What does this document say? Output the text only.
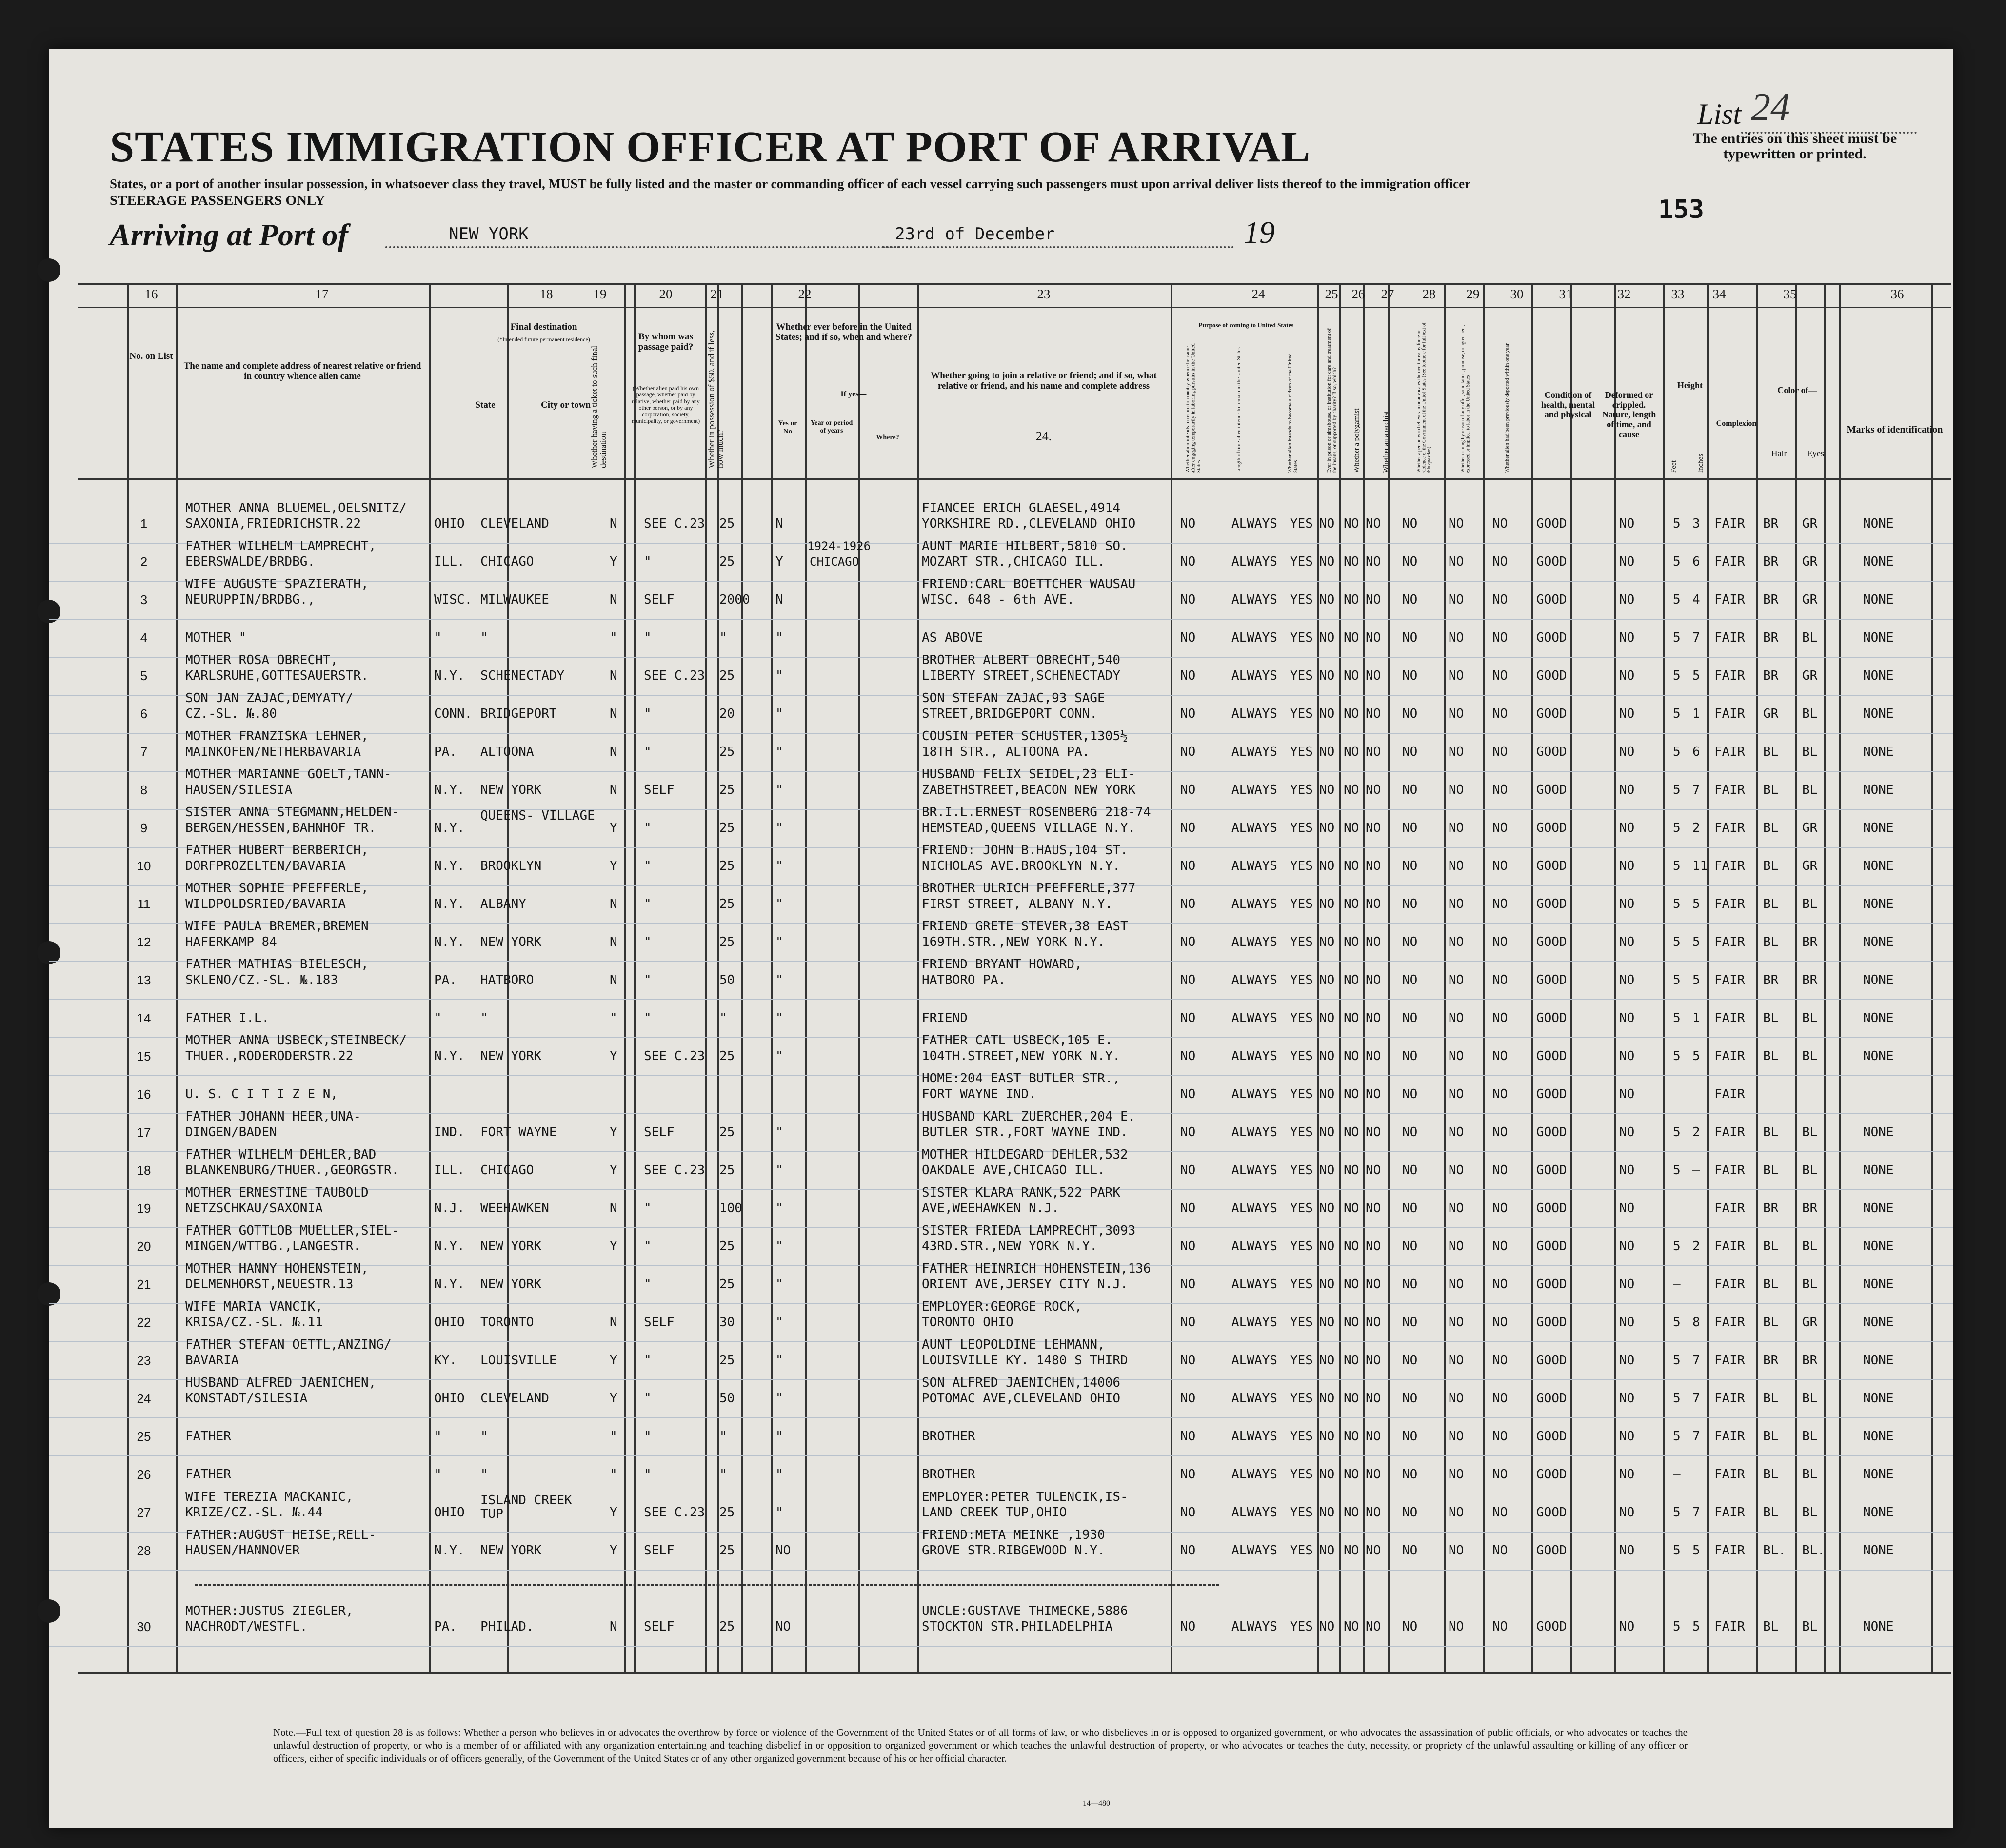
STATES IMMIGRATION OFFICER AT PORT OF ARRIVAL
List 24
The entries on this sheet must be typewritten or printed.
States, or a port of another insular possession, in whatsoever class they travel, MUST be fully listed and the master or commanding officer of each vessel carrying such passengers must upon arrival deliver lists thereof to the immigration officer
STEERAGE PASSENGERS ONLY	153
Arriving at Port of	NEW YORK	23rd of December	19
16	17	18	19	20	21	22	23	24	25	26	27	28	29	30	31	32	33	34	35	36
No. on List
The name and complete address of nearest relative or friend in country whence alien came
Final destination
(*Intended future permanent residence)
State	City or town
Whether having a ticket to such final destination
By whom was passage paid?
(Whether alien paid his own passage, whether paid by relative, whether paid by any other person, or by any corporation, society, municipality, or government) Whether in possession of $50, and if less, how much?
Whether ever before in the United States; and if so, when and where?
Yes or No
If yes—
Year or period of years
Where?
Whether going to join a relative or friend; and if so, what relative or friend, and his name and complete address
24.
Purpose of coming to United States
Whether alien intends to return to country whence he came after engaging temporarily in laboring pursuits in the United States	Length of time alien intends to remain in the United States	Whether alien intends to become a citizen of the United States	Ever in prison or almshouse, or institution for care and treatment of the insane, or supported by charity? If so, which? Whether a polygamist	Whether an anarchist	Whether a person who believes in or advocates the overthrow by force or violence of the Government of the United States (See footnote for full text of this question)	Whether coming by reason of any offer, solicitation, promise, or agreement, expressed or implied, to labor in the United States	Whether alien had been previously deported within one year	Condition of health, mental and physical
Deformed or crippled. Nature, length of time, and cause
Height
Feet	Inches
Complexion
Color of—
Hair	Eyes
Marks of identification
1
MOTHER ANNA BLUEMEL,OELSNITZ/
SAXONIA,FRIEDRICHSTR.22	OHIO CLEVELAND	N SEE C.23 25	N
FIANCEE ERICH GLAESEL,4914
YORKSHIRE RD.,CLEVELAND OHIO	NO	ALWAYS YES NO NO NO NO NO NO GOOD	NO	5 3 FAIR BR GR	NONE
2
FATHER WILHELM LAMPRECHT,
EBERSWALDE/BRDBG.	ILL. CHICAGO	Y "	25	Y
1924-1926
CHICAGO
AUNT MARIE HILBERT,5810 SO.
MOZART STR.,CHICAGO ILL.	NO	ALWAYS YES NO NO NO NO NO NO GOOD	NO	5 6 FAIR BR GR	NONE
3
WIFE AUGUSTE SPAZIERATH,
NEURUPPIN/BRDBG.,	WISC. MILWAUKEE	N SELF	2000 N
FRIEND:CARL BOETTCHER WAUSAU
WISC. 648 - 6th AVE.	NO	ALWAYS YES NO NO NO NO NO NO GOOD	NO	5 4 FAIR BR GR	NONE
4	MOTHER "	"	"	" "	"	"	AS ABOVE	NO	ALWAYS YES NO NO NO NO NO NO GOOD	NO	5 7 FAIR BR BL	NONE
5
MOTHER ROSA OBRECHT,
KARLSRUHE,GOTTESAUERSTR.	N.Y. SCHENECTADY	N SEE C.23 25	"
BROTHER ALBERT OBRECHT,540
LIBERTY STREET,SCHENECTADY	NO	ALWAYS YES NO NO NO NO NO NO GOOD	NO	5 5 FAIR BR GR	NONE
6
SON JAN ZAJAC,DEMYATY/
CZ.-SL. №.80	CONN. BRIDGEPORT	N "	20	"
SON STEFAN ZAJAC,93 SAGE
STREET,BRIDGEPORT CONN.	NO	ALWAYS YES NO NO NO NO NO NO GOOD	NO	5 1 FAIR GR BL	NONE
7
MOTHER FRANZISKA LEHNER,
MAINKOFEN/NETHERBAVARIA	PA. ALTOONA	N "	25	"
COUSIN PETER SCHUSTER,1305½
18TH STR., ALTOONA PA.	NO	ALWAYS YES NO NO NO NO NO NO GOOD	NO	5 6 FAIR BL BL	NONE
8
MOTHER MARIANNE GOELT,TANN-
HAUSEN/SILESIA	N.Y. NEW YORK	N SELF	25	"
HUSBAND FELIX SEIDEL,23 ELI-
ZABETHSTREET,BEACON NEW YORK	NO	ALWAYS YES NO NO NO NO NO NO GOOD	NO	5 7 FAIR BL BL	NONE
9
SISTER ANNA STEGMANN,HELDEN-
BERGEN/HESSEN,BAHNHOF TR.	N.Y.
QUEENS- VILLAGE
Y "	25	"
BR.I.L.ERNEST ROSENBERG 218-74
HEMSTEAD,QUEENS VILLAGE N.Y.	NO	ALWAYS YES NO NO NO NO NO NO GOOD	NO	5 2 FAIR BL GR	NONE
10
FATHER HUBERT BERBERICH,
DORFPROZELTEN/BAVARIA	N.Y. BROOKLYN	Y "	25	"
FRIEND: JOHN B.HAUS,104 ST.
NICHOLAS AVE.BROOKLYN N.Y.	NO	ALWAYS YES NO NO NO NO NO NO GOOD	NO	5 11 FAIR BL GR	NONE
11
MOTHER SOPHIE PFEFFERLE,
WILDPOLDSRIED/BAVARIA	N.Y. ALBANY	N "	25	"
BROTHER ULRICH PFEFFERLE,377
FIRST STREET, ALBANY N.Y.	NO	ALWAYS YES NO NO NO NO NO NO GOOD	NO	5 5 FAIR BL BL	NONE
12
WIFE PAULA BREMER,BREMEN
HAFERKAMP 84	N.Y. NEW YORK	N "	25	"
FRIEND GRETE STEVER,38 EAST
169TH.STR.,NEW YORK N.Y.	NO	ALWAYS YES NO NO NO NO NO NO GOOD	NO	5 5 FAIR BL BR	NONE
13
FATHER MATHIAS BIELESCH,
SKLENO/CZ.-SL. №.183	PA. HATBORO	N "	50	"
FRIEND BRYANT HOWARD,
HATBORO PA.	NO	ALWAYS YES NO NO NO NO NO NO GOOD	NO	5 5 FAIR BR BR	NONE
14	FATHER I.L.	"	"	" "	"	"	FRIEND	NO	ALWAYS YES NO NO NO NO NO NO GOOD	NO	5 1 FAIR BL BL	NONE
15
MOTHER ANNA USBECK,STEINBECK/
THUER.,RODERODERSTR.22	N.Y. NEW YORK	Y SEE C.23 25	"
FATHER CATL USBECK,105 E.
104TH.STREET,NEW YORK N.Y.	NO	ALWAYS YES NO NO NO NO NO NO GOOD	NO	5 5 FAIR BL BL	NONE
16	U. S. C I T I Z E N,
HOME:204 EAST BUTLER STR.,
FORT WAYNE IND.	NO	ALWAYS YES NO NO NO NO NO NO GOOD	NO	FAIR
17
FATHER JOHANN HEER,UNA-
DINGEN/BADEN	IND. FORT WAYNE	Y SELF	25	"
HUSBAND KARL ZUERCHER,204 E.
BUTLER STR.,FORT WAYNE IND.	NO	ALWAYS YES NO NO NO NO NO NO GOOD	NO	5 2 FAIR BL BL	NONE
18
FATHER WILHELM DEHLER,BAD
BLANKENBURG/THUER.,GEORGSTR.	ILL. CHICAGO	Y SEE C.23 25	"
MOTHER HILDEGARD DEHLER,532
OAKDALE AVE,CHICAGO ILL.	NO	ALWAYS YES NO NO NO NO NO NO GOOD	NO	5 — FAIR BL BL	NONE
19
MOTHER ERNESTINE TAUBOLD
NETZSCHKAU/SAXONIA	N.J. WEEHAWKEN	N "	100	"
SISTER KLARA RANK,522 PARK
AVE,WEEHAWKEN N.J.	NO	ALWAYS YES NO NO NO NO NO NO GOOD	NO	FAIR BR BR	NONE
20
FATHER GOTTLOB MUELLER,SIEL-
MINGEN/WTTBG.,LANGESTR.	N.Y. NEW YORK	Y "	25	"
SISTER FRIEDA LAMPRECHT,3093
43RD.STR.,NEW YORK N.Y.	NO	ALWAYS YES NO NO NO NO NO NO GOOD	NO	5 2 FAIR BL BL	NONE
21
MOTHER HANNY HOHENSTEIN,
DELMENHORST,NEUESTR.13	N.Y. NEW YORK	"	25	"
FATHER HEINRICH HOHENSTEIN,136
ORIENT AVE,JERSEY CITY N.J.	NO	ALWAYS YES NO NO NO NO NO NO GOOD	NO	—	FAIR BL BL	NONE
22
WIFE MARIA VANCIK,
KRISA/CZ.-SL. №.11	OHIO TORONTO	N SELF	30	"
EMPLOYER:GEORGE ROCK,
TORONTO OHIO	NO	ALWAYS YES NO NO NO NO NO NO GOOD	NO	5 8 FAIR BL GR	NONE
23
FATHER STEFAN OETTL,ANZING/
BAVARIA	KY. LOUISVILLE	Y "	25	"
AUNT LEOPOLDINE LEHMANN,
LOUISVILLE KY. 1480 S THIRD	NO	ALWAYS YES NO NO NO NO NO NO GOOD	NO	5 7 FAIR BR BR	NONE
24
HUSBAND ALFRED JAENICHEN,
KONSTADT/SILESIA	OHIO CLEVELAND	Y "	50	"
SON ALFRED JAENICHEN,14006
POTOMAC AVE,CLEVELAND OHIO	NO	ALWAYS YES NO NO NO NO NO NO GOOD	NO	5 7 FAIR BL BL	NONE
25	FATHER	"	"	" "	"	"	BROTHER	NO	ALWAYS YES NO NO NO NO NO NO GOOD	NO	5 7 FAIR BL BL	NONE
26	FATHER	"	"	" "	"	"	BROTHER	NO	ALWAYS YES NO NO NO NO NO NO GOOD	NO	—	FAIR BL BL	NONE
27
WIFE TEREZIA MACKANIC,
KRIZE/CZ.-SL. №.44	OHIO
ISLAND CREEK TUP	Y SEE C.23 25	"
EMPLOYER:PETER TULENCIK,IS-
LAND CREEK TUP,OHIO	NO	ALWAYS YES NO NO NO NO NO NO GOOD	NO	5 7 FAIR BL BL	NONE
28
FATHER:AUGUST HEISE,RELL-
HAUSEN/HANNOVER	N.Y. NEW YORK	Y SELF	25	NO
FRIEND:META MEINKE ,1930
GROVE STR.RIBGEWOOD N.Y.	NO	ALWAYS YES NO NO NO NO NO NO GOOD	NO	5 5 FAIR BL. BL.	NONE
30
MOTHER:JUSTUS ZIEGLER,
NACHRODT/WESTFL.	PA. PHILAD.	N SELF	25	NO
UNCLE:GUSTAVE THIMECKE,5886
STOCKTON STR.PHILADELPHIA	NO	ALWAYS YES NO NO NO NO NO NO GOOD	NO	5 5 FAIR BL BL	NONE
Note.—Full text of question 28 is as follows: Whether a person who believes in or advocates the overthrow by force or violence of the Government of the United States or of all forms of law, or who disbelieves in or is opposed to organized government, or who advocates the assassination of public officials, or who advocates or teaches the unlawful destruction of property, or who is a member of or affiliated with any organization entertaining and teaching disbelief in or opposition to organized government or which teaches the unlawful destruction of property, or who advocates or teaches the duty, necessity, or propriety of the unlawful assaulting or killing of any officer or officers, either of specific individuals or of officers generally, of the Government of the United States or of any other organized government because of his or her official character.
14—480
